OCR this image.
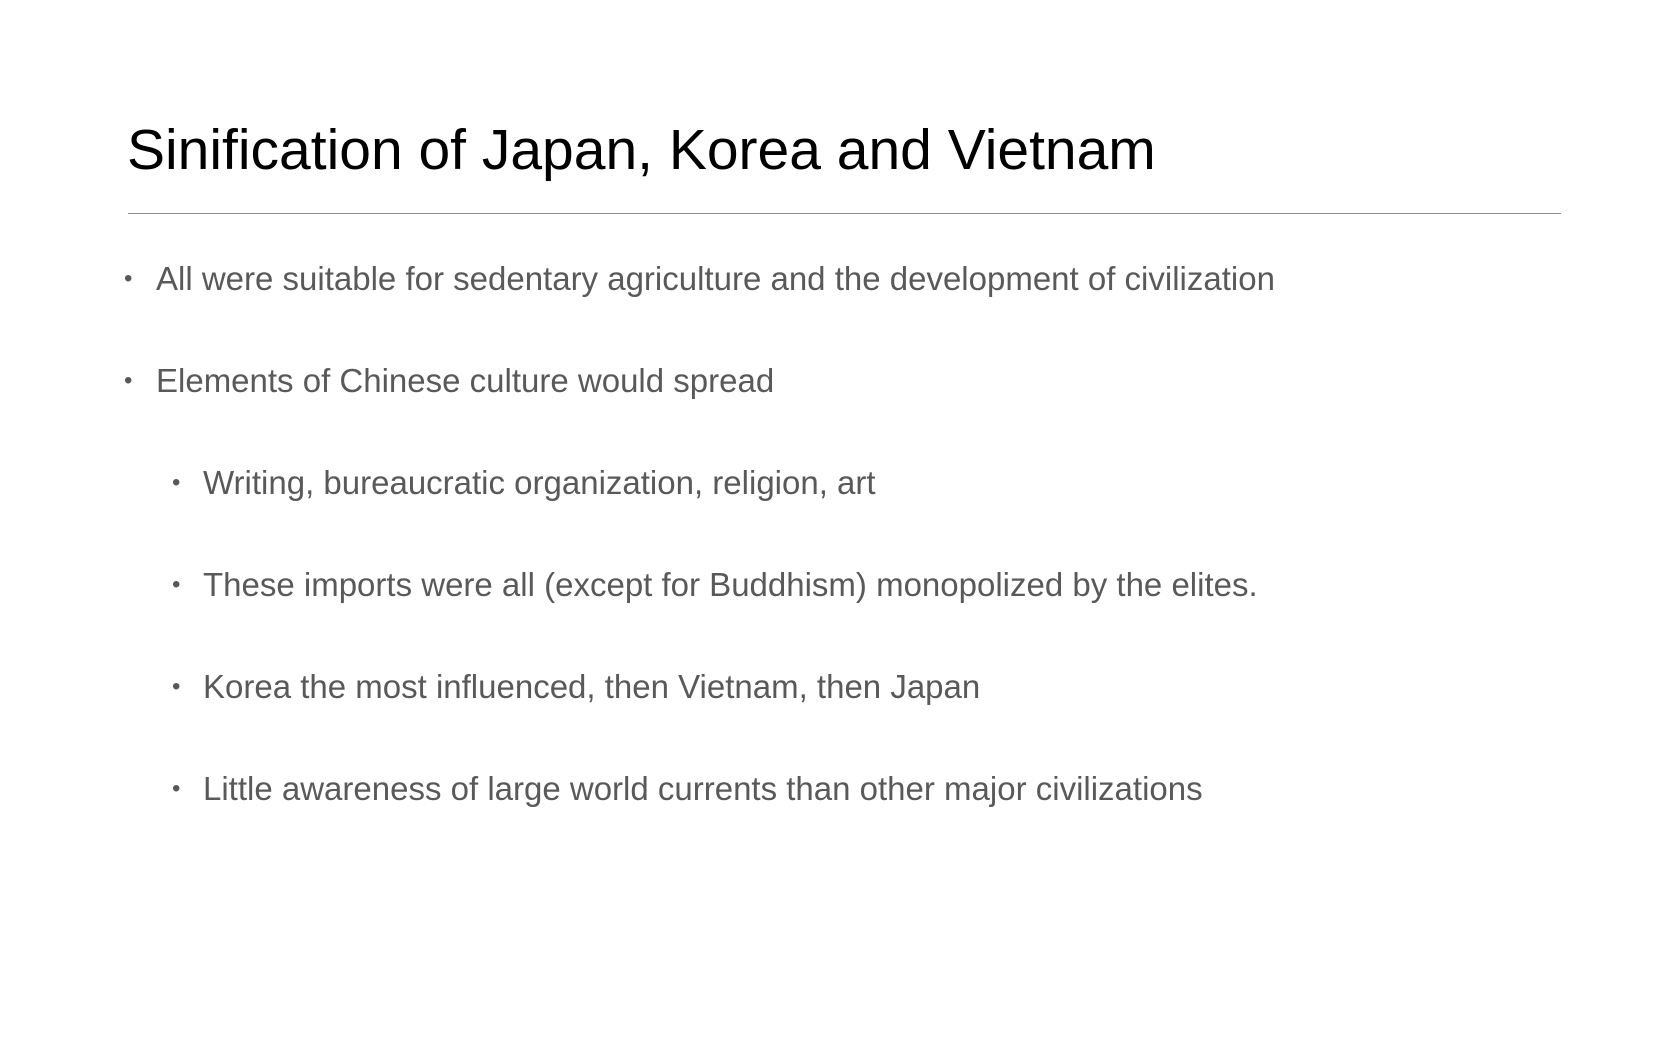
Sinification of Japan, Korea and Vietnam
• All were suitable for sedentary agriculture and the development of civilization
• Elements of Chinese culture would spread
• Writing, bureaucratic organization, religion, art
• These imports were all (except for Buddhism) monopolized by the elites.
• Korea the most influenced, then Vietnam, then Japan
• Little awareness of large world currents than other major civilizations
